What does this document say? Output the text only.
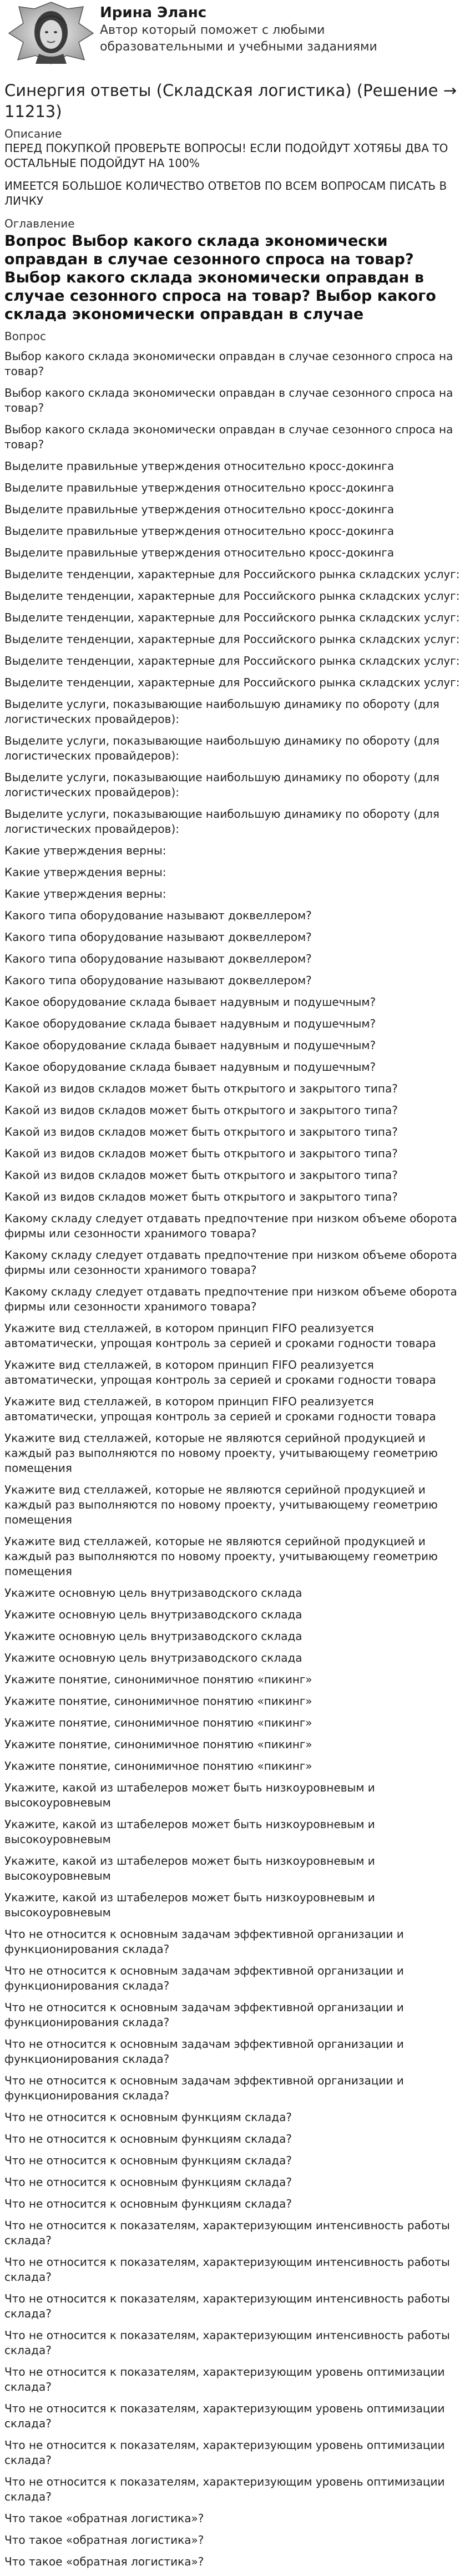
Ирина Эланс
Автор который поможет с любыми образовательными и учебными заданиями
Синергия ответы (Складская логистика) (Решение → 11213)
Описание
ПЕРЕД ПОКУПКОЙ ПРОВЕРЬТЕ ВОПРОСЫ! ЕСЛИ ПОДОЙДУТ ХОТЯБЫ ДВА ТО ОСТАЛЬНЫЕ ПОДОЙДУТ НА 100%
ИМЕЕТСЯ БОЛЬШОЕ КОЛИЧЕСТВО ОТВЕТОВ ПО ВСЕМ ВОПРОСАМ ПИСАТЬ В ЛИЧКУ
Оглавление
Вопрос Выбор какого склада экономически оправдан в случае сезонного спроса на товар? Выбор какого склада экономически оправдан в случае сезонного спроса на товар? Выбор какого склада экономически оправдан в случае
Вопрос
Выбор какого склада экономически оправдан в случае сезонного спроса на товар?
Выбор какого склада экономически оправдан в случае сезонного спроса на товар?
Выбор какого склада экономически оправдан в случае сезонного спроса на товар?
Выделите правильные утверждения относительно кросс-докинга
Выделите правильные утверждения относительно кросс-докинга
Выделите правильные утверждения относительно кросс-докинга
Выделите правильные утверждения относительно кросс-докинга
Выделите правильные утверждения относительно кросс-докинга
Выделите тенденции, характерные для Российского рынка складских услуг:
Выделите тенденции, характерные для Российского рынка складских услуг:
Выделите тенденции, характерные для Российского рынка складских услуг:
Выделите тенденции, характерные для Российского рынка складских услуг:
Выделите тенденции, характерные для Российского рынка складских услуг:
Выделите тенденции, характерные для Российского рынка складских услуг:
Выделите услуги, показывающие наибольшую динамику по обороту (для логистических провайдеров):
Выделите услуги, показывающие наибольшую динамику по обороту (для логистических провайдеров):
Выделите услуги, показывающие наибольшую динамику по обороту (для логистических провайдеров):
Выделите услуги, показывающие наибольшую динамику по обороту (для логистических провайдеров):
Какие утверждения верны:
Какие утверждения верны:
Какие утверждения верны:
Какого типа оборудование называют доквеллером?
Какого типа оборудование называют доквеллером?
Какого типа оборудование называют доквеллером?
Какого типа оборудование называют доквеллером?
Какое оборудование склада бывает надувным и подушечным?
Какое оборудование склада бывает надувным и подушечным?
Какое оборудование склада бывает надувным и подушечным?
Какое оборудование склада бывает надувным и подушечным?
Какой из видов складов может быть открытого и закрытого типа?
Какой из видов складов может быть открытого и закрытого типа?
Какой из видов складов может быть открытого и закрытого типа?
Какой из видов складов может быть открытого и закрытого типа?
Какой из видов складов может быть открытого и закрытого типа?
Какой из видов складов может быть открытого и закрытого типа?
Какому складу следует отдавать предпочтение при низком объеме оборота фирмы или сезонности хранимого товара?
Какому складу следует отдавать предпочтение при низком объеме оборота фирмы или сезонности хранимого товара?
Какому складу следует отдавать предпочтение при низком объеме оборота фирмы или сезонности хранимого товара?
Укажите вид стеллажей, в котором принцип FIFO реализуется автоматически, упрощая контроль за серией и сроками годности товара
Укажите вид стеллажей, в котором принцип FIFO реализуется автоматически, упрощая контроль за серией и сроками годности товара
Укажите вид стеллажей, в котором принцип FIFO реализуется автоматически, упрощая контроль за серией и сроками годности товара
Укажите вид стеллажей, которые не являются серийной продукцией и каждый раз выполняются по новому проекту, учитывающему геометрию помещения
Укажите вид стеллажей, которые не являются серийной продукцией и каждый раз выполняются по новому проекту, учитывающему геометрию помещения
Укажите вид стеллажей, которые не являются серийной продукцией и каждый раз выполняются по новому проекту, учитывающему геометрию помещения
Укажите основную цель внутризаводского склада
Укажите основную цель внутризаводского склада
Укажите основную цель внутризаводского склада
Укажите основную цель внутризаводского склада
Укажите понятие, синонимичное понятию «пикинг»
Укажите понятие, синонимичное понятию «пикинг»
Укажите понятие, синонимичное понятию «пикинг»
Укажите понятие, синонимичное понятию «пикинг»
Укажите понятие, синонимичное понятию «пикинг»
Укажите, какой из штабелеров может быть низкоуровневым и высокоуровневым
Укажите, какой из штабелеров может быть низкоуровневым и высокоуровневым
Укажите, какой из штабелеров может быть низкоуровневым и высокоуровневым
Укажите, какой из штабелеров может быть низкоуровневым и высокоуровневым
Что не относится к основным задачам эффективной организации и функционирования склада?
Что не относится к основным задачам эффективной организации и функционирования склада?
Что не относится к основным задачам эффективной организации и функционирования склада?
Что не относится к основным задачам эффективной организации и функционирования склада?
Что не относится к основным задачам эффективной организации и функционирования склада?
Что не относится к основным функциям склада?
Что не относится к основным функциям склада?
Что не относится к основным функциям склада?
Что не относится к основным функциям склада?
Что не относится к основным функциям склада?
Что не относится к показателям, характеризующим интенсивность работы склада?
Что не относится к показателям, характеризующим интенсивность работы склада?
Что не относится к показателям, характеризующим интенсивность работы склада?
Что не относится к показателям, характеризующим интенсивность работы склада?
Что не относится к показателям, характеризующим уровень оптимизации склада?
Что не относится к показателям, характеризующим уровень оптимизации склада?
Что не относится к показателям, характеризующим уровень оптимизации склада?
Что не относится к показателям, характеризующим уровень оптимизации склада?
Что такое «обратная логистика»?
Что такое «обратная логистика»?
Что такое «обратная логистика»?
